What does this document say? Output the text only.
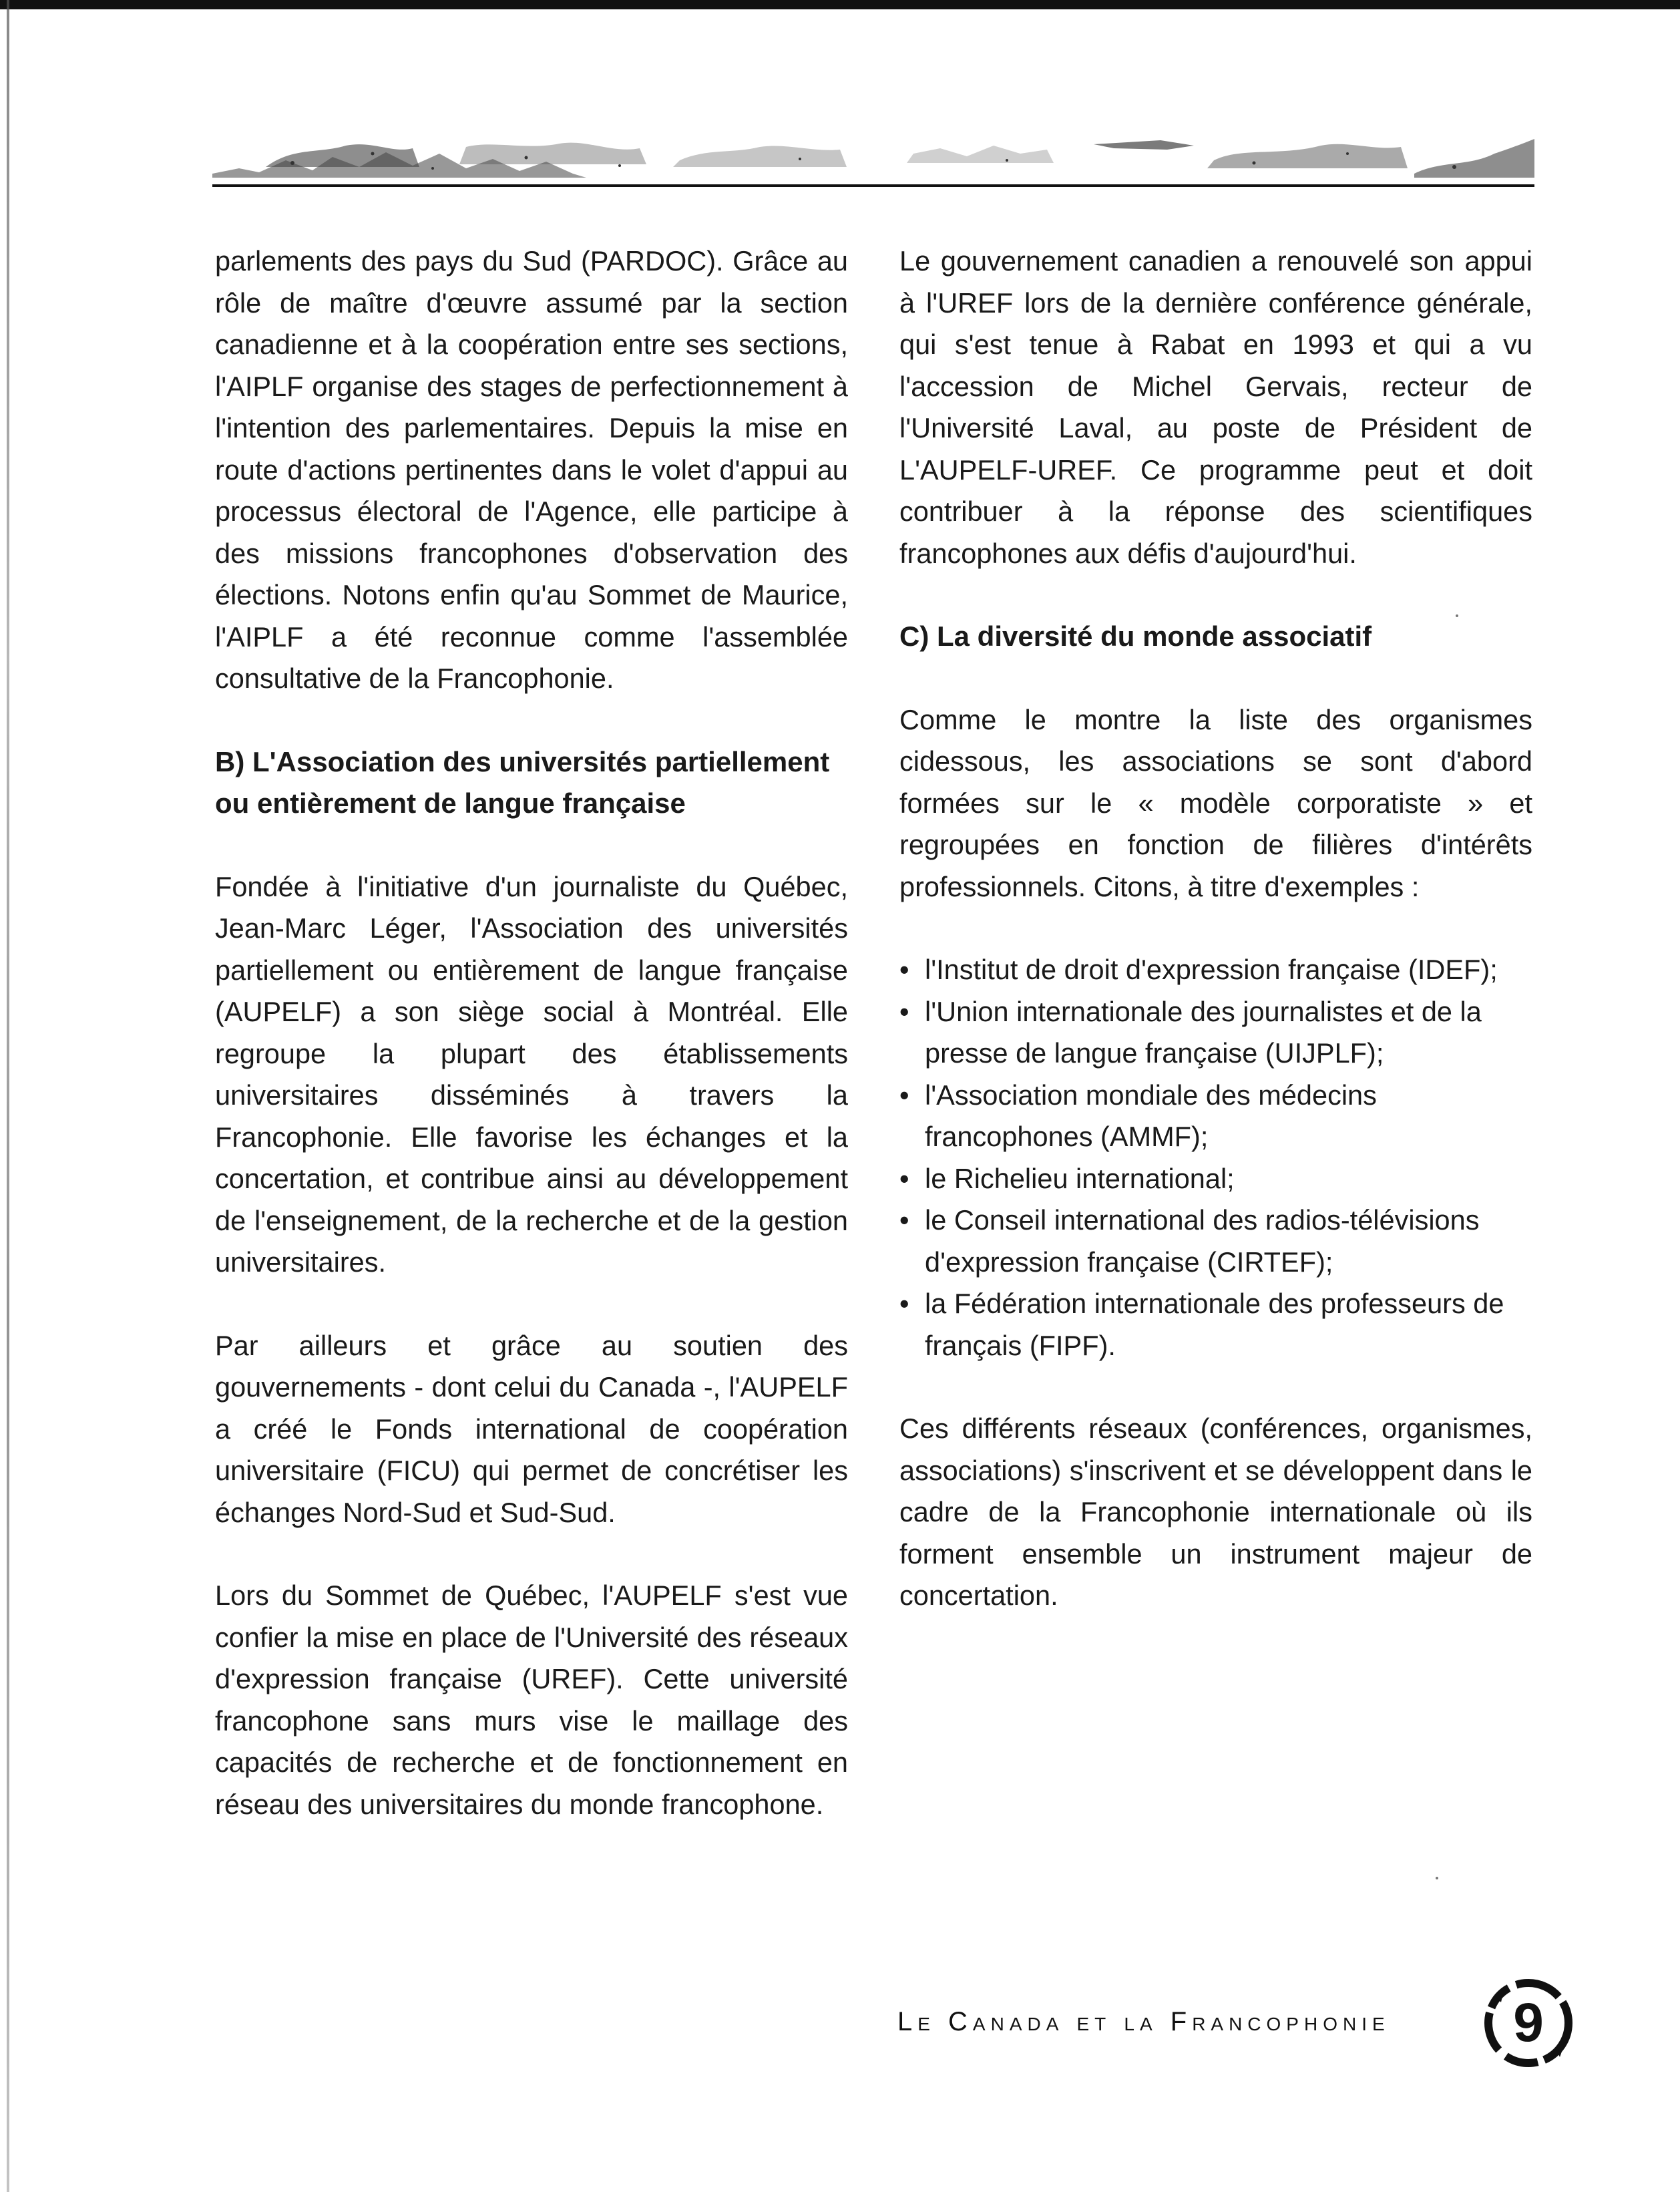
parlements des pays du Sud (PARDOC). Grâce au rôle de maître d'œuvre assumé par la section canadienne et à la coopération entre ses sections, l'AIPLF organise des stages de perfectionnement à l'intention des parlementaires. Depuis la mise en route d'actions pertinentes dans le volet d'appui au processus électoral de l'Agence, elle participe à des missions francophones d'observation des élections. Notons enfin qu'au Sommet de Maurice, l'AIPLF a été reconnue comme l'assemblée consultative de la Francophonie.

B) L'Association des universités partiellement ou entièrement de langue française

Fondée à l'initiative d'un journaliste du Québec, Jean-Marc Léger, l'Association des universités partiellement ou entièrement de langue française (AUPELF) a son siège social à Montréal. Elle regroupe la plupart des établissements universitaires disséminés à travers la Francophonie. Elle favorise les échanges et la concertation, et contribue ainsi au développement de l'enseignement, de la recherche et de la gestion universitaires.

Par ailleurs et grâce au soutien des gouvernements - dont celui du Canada -, l'AUPELF a créé le Fonds international de coopération universitaire (FICU) qui permet de concrétiser les échanges Nord-Sud et Sud-Sud.

Lors du Sommet de Québec, l'AUPELF s'est vue confier la mise en place de l'Université des réseaux d'expression française (UREF). Cette université francophone sans murs vise le maillage des capacités de recherche et de fonctionnement en réseau des universitaires du monde francophone.

Le gouvernement canadien a renouvelé son appui à l'UREF lors de la dernière conférence générale, qui s'est tenue à Rabat en 1993 et qui a vu l'accession de Michel Gervais, recteur de l'Université Laval, au poste de Président de L'AUPELF-UREF. Ce programme peut et doit contribuer à la réponse des scientifiques francophones aux défis d'aujourd'hui.

C) La diversité du monde associatif

Comme le montre la liste des organismes cidessous, les associations se sont d'abord formées sur le « modèle corporatiste » et regroupées en fonction de filières d'intérêts professionnels. Citons, à titre d'exemples :

• l'Institut de droit d'expression française (IDEF);
• l'Union internationale des journalistes et de la presse de langue française (UIJPLF);
• l'Association mondiale des médecins francophones (AMMF);
• le Richelieu international;
• le Conseil international des radios-télévisions d'expression française (CIRTEF);
• la Fédération internationale des professeurs de français (FIPF).

Ces différents réseaux (conférences, organismes, associations) s'inscrivent et se développent dans le cadre de la Francophonie internationale où ils forment ensemble un instrument majeur de concertation.

Le Canada et la Francophonie	9
